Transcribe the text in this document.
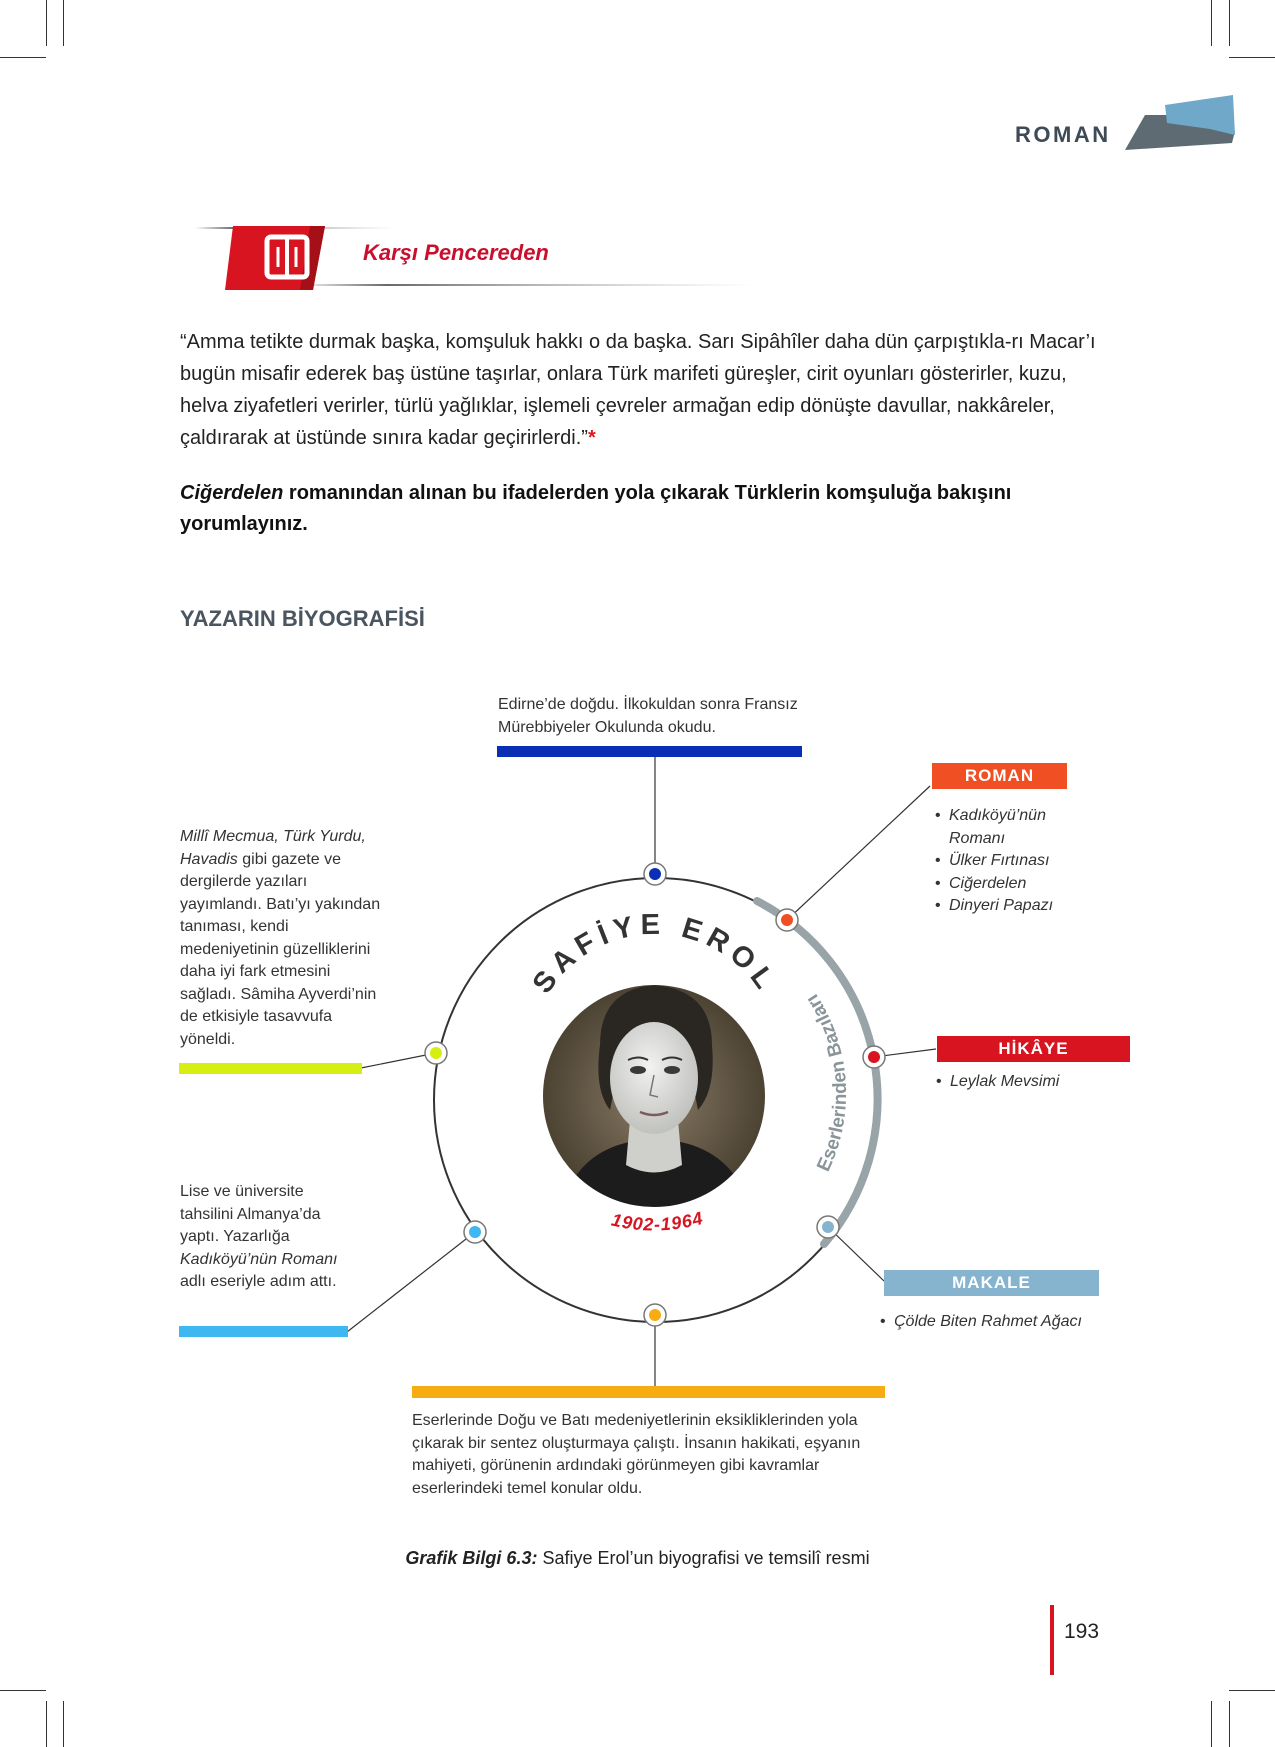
ROMAN
Karşı Pencereden
“Amma tetikte durmak başka, komşuluk hakkı o da başka. Sarı Sipâhîler daha dün çarpıştıkla-rı Macar’ı bugün misafir ederek baş üstüne taşırlar, onlara Türk marifeti güreşler, cirit oyunları gösterirler, kuzu, helva ziyafetleri verirler, türlü yağlıklar, işlemeli çevreler armağan edip dönüşte davullar, nakkâreler, çaldırarak at üstünde sınıra kadar geçirirlerdi.”*
Ciğerdelen romanından alınan bu ifadelerden yola çıkarak Türklerin komşuluğa bakışını yorumlayınız.
YAZARIN BİYOGRAFİSİ
SAFİYE EROL
1902-1964
Eserlerinden Bazıları
Edirne’de doğdu. İlkokuldan sonra Fransız Mürebbiyeler Okulunda okudu.
Millî Mecmua, Türk Yurdu, Havadis gibi gazete ve dergilerde yazıları yayımlandı. Batı’yı yakından tanıması, kendi medeniyetinin güzelliklerini daha iyi fark etmesini sağladı. Sâmiha Ayverdi’nin de etkisiyle tasavvufa yöneldi.
Lise ve üniversite tahsilini Almanya’da yaptı. Yazarlığa Kadıköyü’nün Romanı adlı eseriyle adım attı.
Eserlerinde Doğu ve Batı medeniyetlerinin eksikliklerinden yola çıkarak bir sentez oluşturmaya çalıştı. İnsanın hakikati, eşyanın mahiyeti, görünenin ardındaki görünmeyen gibi kavramlar eserlerindeki temel konular oldu.
ROMAN
• Kadıköyü’nün Romanı
• Ülker Fırtınası
• Ciğerdelen
• Dinyeri Papazı
HİKÂYE
• Leylak Mevsimi
MAKALE
• Çölde Biten Rahmet Ağacı
Grafik Bilgi 6.3: Safiye Erol’un biyografisi ve temsilî resmi
193
